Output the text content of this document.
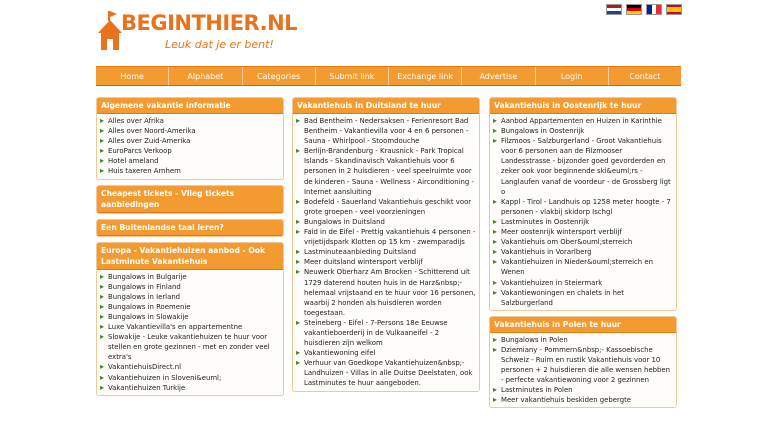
BEGINTHIER.NL
Leuk dat je er bent!
Home	Alphabet	Categories	Submit link	Exchange link	Advertise	Login	Contact
Algemene vakantie informatie
▸ Alles over Afrika
▸ Alles over Noord-Amerika
▸ Alles over Zuid-Amerika
▸ EuroParcs Verkoop
▸ Hotel ameland
▸ Huis taxeren Arnhem
Cheapest tickets - Vlieg tickets aanbiedingen
Een Buitenlandse taal leren?
Europa - Vakantiehuizen aanbod - Ook Lastminute Vakantiehuis
▸ Bungalows in Bulgarije
▸ Bungalows in Finland
▸ Bungalows in Ierland
▸ Bungalows in Roemenie
▸ Bungalows in Slowakije
▸ Luxe Vakantievilla's en appartementne
▸ Slowakije - Leuke vakantiehuizen te huur voor stellen en grote gezinnen - met en zonder veel extra's
▸ VakantiehuisDirect.nl
▸ Vakantiehuizen in Sloveni&euml;
▸ Vakantiehuizen Turkije
Vakantiehuis in Duitsland te huur
▸ Bad Bentheim - Nedersaksen - Ferienresort Bad Bentheim - Vakantievilla voor 4 en 6 personen - Sauna - Whirlpool - Stoomdouche
▸ Berlijn-Brandenburg - Krausnick - Park Tropical Islands - Skandinavisch Vakantiehuis voor 6 personen in 2 huisdieren - veel speelruimte voor de kinderen - Sauna - Wellness - Airconditioning - Internet aansluiting
▸ Bodefeld - Sauerland Vakantiehuis geschikt voor grote groepen - veel voorzieningen
▸ Bungalows in Duitsland
▸ Faid in de Eifel - Prettig vakantiehuis 4 personen - vrijetijdspark Klotten op 15 km - zwemparadijs
▸ Lastminuteaanbieding Duitsland
▸ Meer duitsland wintersport verblijf
▸ Neuwerk Oberharz Am Brocken - Schitterend uit 1729 daterend houten huis in de Harz&nbsp;- helemaal vrijstaand en te huur voor 16 personen, waarbij 2 honden als huisdieren worden toegestaan.
▸ Steineberg - Eifel - 7-Persons 18e Eeuwse vakantieboerderij in de Vulkaaneifel - 2 huisdieren zijn welkom
▸ Vakantiewoning eifel
▸ Verhuur van Goedkope Vakantiehuizen&nbsp;- Landhuizen - Villas in alle Duitse Deelstaten, ook Lastminutes te huur aangeboden.
Vakantiehuis in Oostenrijk te huur
▸ Aanbod Appartementen en Huizen in Karinthie
▸ Bungalows in Oostenrijk
▸ Filzmoos - Salzburgerland - Groot Vakantiehuis voor 6 personen aan de Filzmooser Landesstrasse - bijzonder goed gevorderden en zeker ook voor beginnende ski&euml;rs - Langlaufen vanaf de voordeur - de Grossberg ligt o
▸ Kappl - Tirol - Landhuis op 1258 meter hoogte - 7 personen - vlakbij skidorp Ischgl
▸ Lastminutes in Oostenrijk
▸ Meer oostenrijk wintersport verblijf
▸ Vakantiehuis om Ober&ouml;sterreich
▸ Vakantiehuis in Vorarlberg
▸ Vakantiehuizen in Nieder&ouml;sterreich en Wenen
▸ Vakantiehuizen in Steiermark
▸ Vakantiewoningen en chalets in het Salzburgerland
Vakantiehuis in Polen te huur
▸ Bungalows in Polen
▸ Dziemiany - Pommern&nbsp;- Kassoebische Schweiz - Ruim en rustik Vakantiehuis voor 10 personen + 2 huisdieren die alle wensen hebben - perfecte vakantiewoning voor 2 gezinnen
▸ Lastminutes in Polen
▸ Meer vakantiehuis beskiden gebergte
